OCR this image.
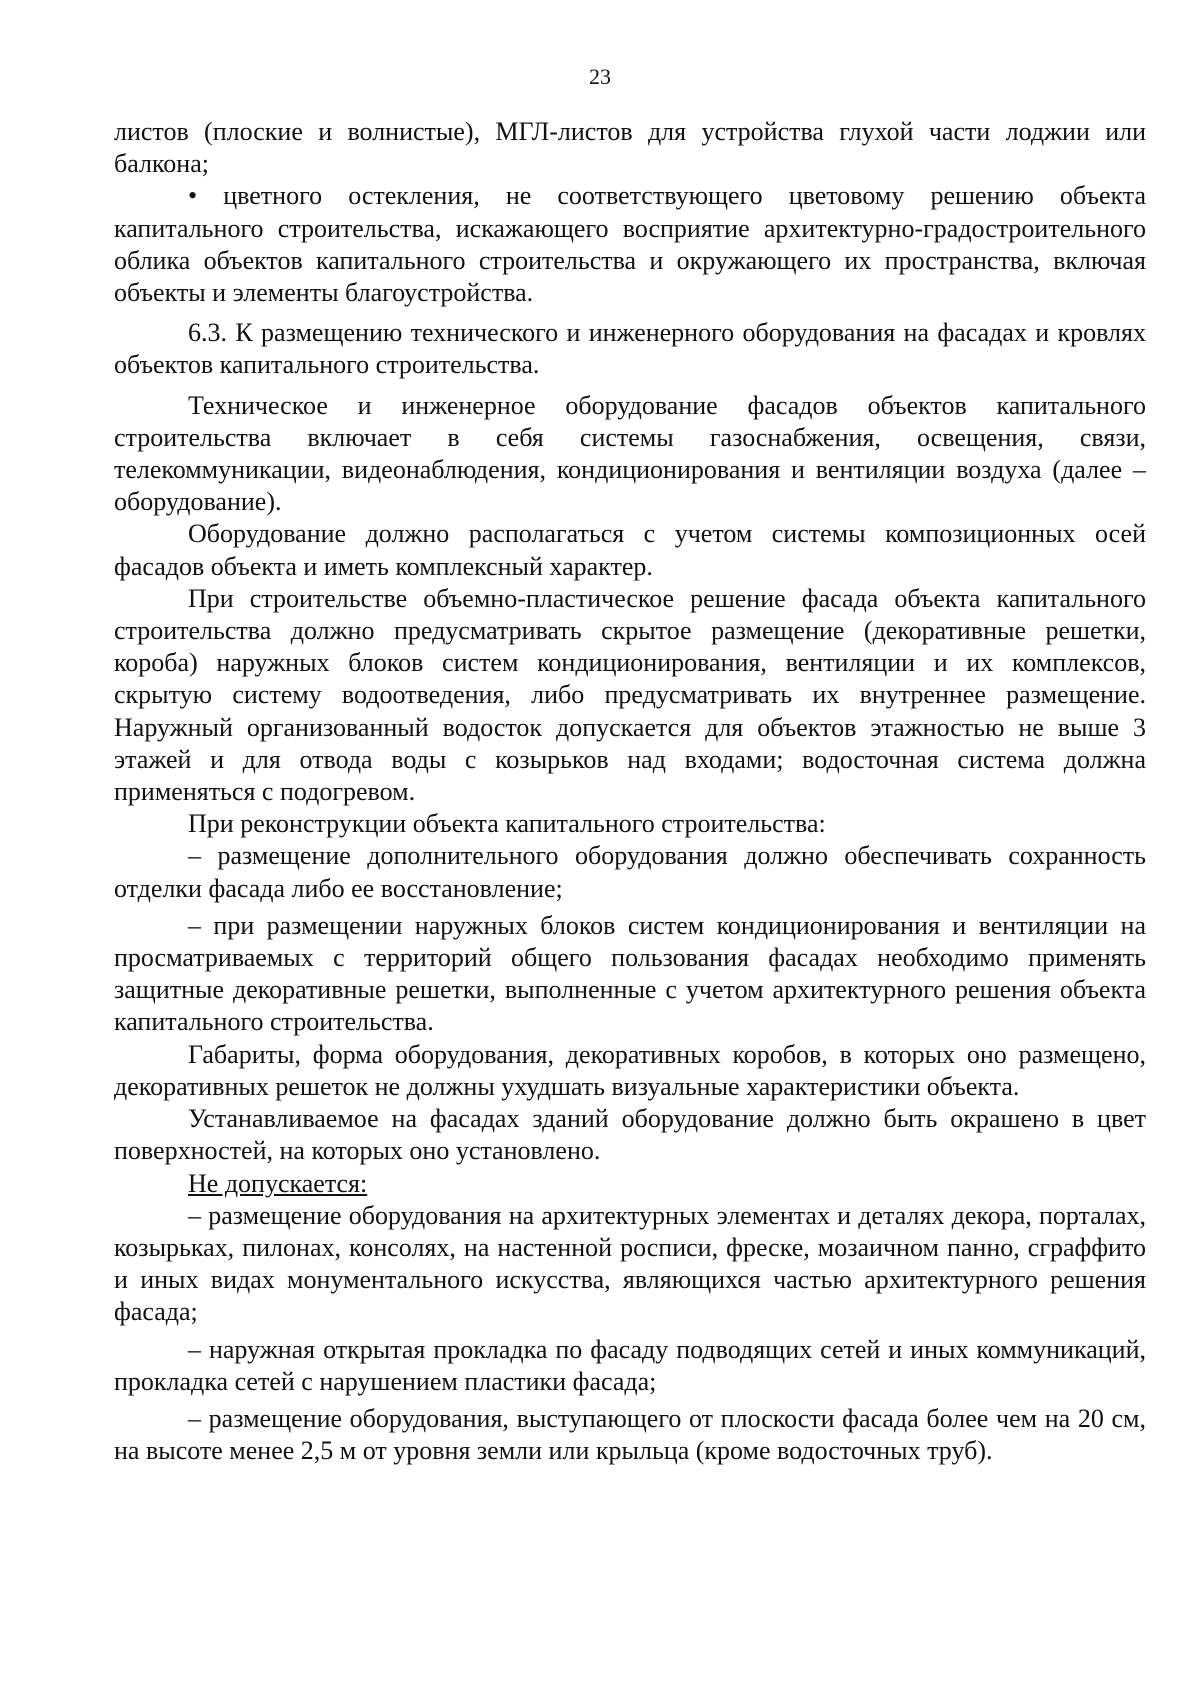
23

листов (плоские и волнистые), МГЛ-листов для устройства глухой части лоджии или балкона;

• цветного остекления, не соответствующего цветовому решению объекта капитального строительства, искажающего восприятие архитектурно-градостроительного облика объектов капитального строительства и окружающего их пространства, включая объекты и элементы благоустройства.

6.3. К размещению технического и инженерного оборудования на фасадах и кровлях объектов капитального строительства.

Техническое и инженерное оборудование фасадов объектов капитального строительства включает в себя системы газоснабжения, освещения, связи, телекоммуникации, видеонаблюдения, кондиционирования и вентиляции воздуха (далее – оборудование).

Оборудование должно располагаться с учетом системы композиционных осей фасадов объекта и иметь комплексный характер.

При строительстве объемно-пластическое решение фасада объекта капитального строительства должно предусматривать скрытое размещение (декоративные решетки, короба) наружных блоков систем кондиционирования, вентиляции и их комплексов, скрытую систему водоотведения, либо предусматривать их внутреннее размещение. Наружный организованный водосток допускается для объектов этажностью не выше 3 этажей и для отвода воды с козырьков над входами; водосточная система должна применяться с подогревом.

При реконструкции объекта капитального строительства:

– размещение дополнительного оборудования должно обеспечивать сохранность отделки фасада либо ее восстановление;

– при размещении наружных блоков систем кондиционирования и вентиляции на просматриваемых с территорий общего пользования фасадах необходимо применять защитные декоративные решетки, выполненные с учетом архитектурного решения объекта капитального строительства.

Габариты, форма оборудования, декоративных коробов, в которых оно размещено, декоративных решеток не должны ухудшать визуальные характеристики объекта.

Устанавливаемое на фасадах зданий оборудование должно быть окрашено в цвет поверхностей, на которых оно установлено.

Не допускается:

– размещение оборудования на архитектурных элементах и деталях декора, порталах, козырьках, пилонах, консолях, на настенной росписи, фреске, мозаичном панно, сграффито и иных видах монументального искусства, являющихся частью архитектурного решения фасада;

– наружная открытая прокладка по фасаду подводящих сетей и иных коммуникаций, прокладка сетей с нарушением пластики фасада;

– размещение оборудования, выступающего от плоскости фасада более чем на 20 см, на высоте менее 2,5 м от уровня земли или крыльца (кроме водосточных труб).
